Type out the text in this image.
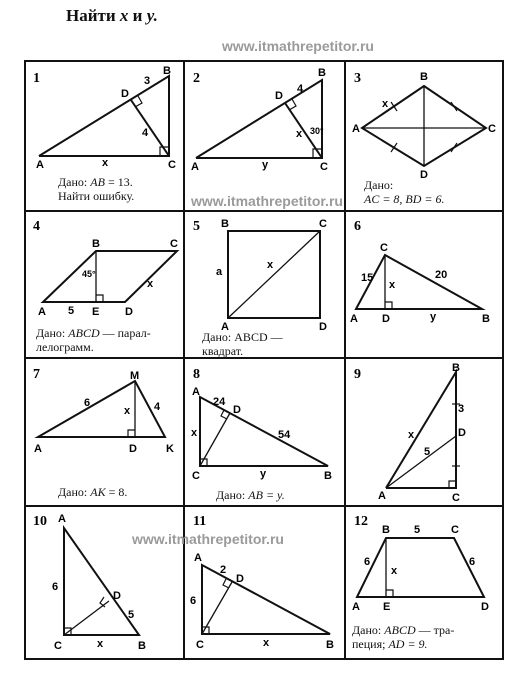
Найти x и y.
1	2	3
4	5	6
7	8	9
10	11	12
A	C
D
B
x
3
4
A	C
D
B
y
x
4
30°	A
B
C
D
x
A
B	C
D
E
5
x
45°
B	C
A	D
a
x
A
C
D	B
15	20
x
y
A
M
D	K
6	4
x
A
D
C	B
24
54
x
y
B
D
C
A
3
5
x
A
D
C	B
6
5
x
A
D
C	B
2
6
x
B 5	C
A E	D
6	6
x
www.itmathrepetitor.ru
www.itmathrepetitor.ru
www.itmathrepetitor.ru
Дано: AB = 13.
Найти ошибку.
Дано:
AC = 8, BD = 6.
Дано: ABCD — парал-
лелограмм.
Дано: ABCD —
квадрат.
Дано: AK = 8.	Дано: AB = y.
Дано: ABCD — тра-
пеция; AD = 9.
